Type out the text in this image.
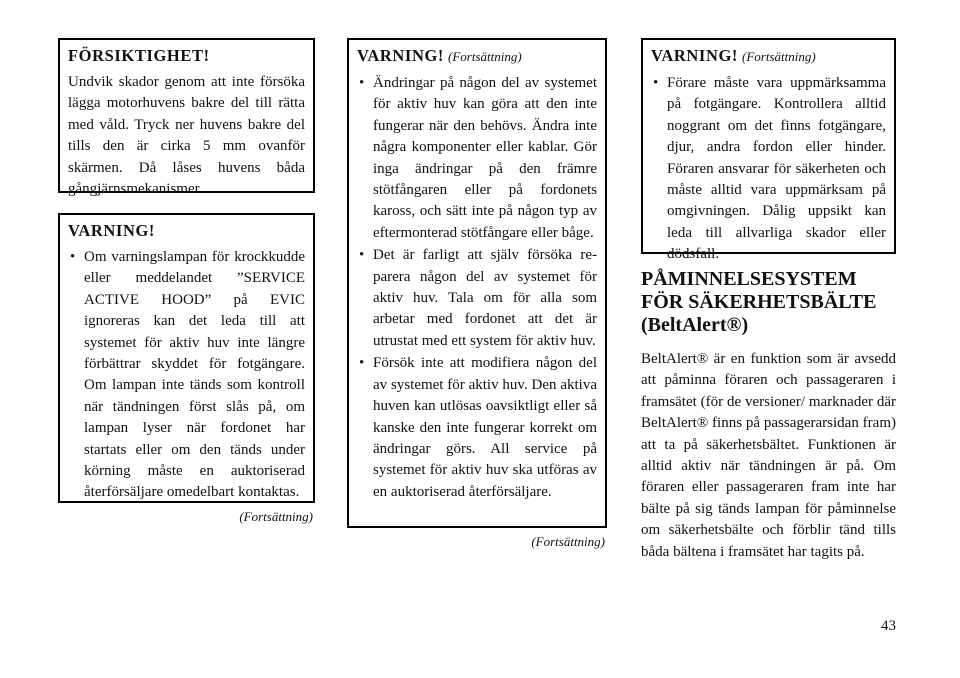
FÖRSIKTIGHET!

Undvik skador genom att inte försöka lägga motorhuvens bakre del till rätta med våld. Tryck ner huvens bakre del tills den är cirka 5 mm ovanför skärmen. Då låses huvens båda gångjärnsmekanismer.

VARNING!
• Om varningslampan för krockkudde eller meddelandet ”SERVICE ACTIVE HOOD” på EVIC ignoreras kan det leda till att systemet för aktiv huv inte längre förbättrar skyddet för fotgängare. Om lampan inte tänds som kontroll när tändningen först slås på, om lampan lyser när fordonet har startats eller om den tänds under körning måste en auktoriserad återförsäljare omedelbart kontaktas.
(Fortsättning)
VARNING! (Fortsättning)
• Ändringar på någon del av systemet för aktiv huv kan göra att den inte fungerar när den behövs. Ändra inte några komponenter eller kablar. Gör inga ändringar på den främre stötfångaren eller på fordonets kaross, och sätt inte på någon typ av eftermonterad stötfångare eller båge.
• Det är farligt att själv försöka reparera någon del av systemet för aktiv huv. Tala om för alla som arbetar med fordonet att det är utrustat med ett system för aktiv huv.
• Försök inte att modifiera någon del av systemet för aktiv huv. Den aktiva huven kan utlösas oavsiktligt eller så kanske den inte fungerar korrekt om ändringar görs. All service på systemet för aktiv huv ska utföras av en auktoriserad återförsäljare.
(Fortsättning)
VARNING! (Fortsättning)
• Förare måste vara uppmärksamma på fotgängare. Kontrollera alltid noggrant om det finns fotgängare, djur, andra fordon eller hinder. Föraren ansvarar för säkerheten och måste alltid vara uppmärksam på omgivningen. Dålig uppsikt kan leda till allvarliga skador eller dödsfall.
PÅMINNELSESYSTEM FÖR SÄKERHETSBÄLTE (BeltAlert®)

BeltAlert® är en funktion som är avsedd att påminna föraren och passageraren i framsätet (för de versioner/ marknader där BeltAlert® finns på passagerarsidan fram) att ta på säkerhetsbältet. Funktionen är alltid aktiv när tändningen är på. Om föraren eller passageraren fram inte har bälte på sig tänds lampan för påminnelse om säkerhetsbälte och förblir tänd tills båda bältena i framsätet har tagits på.

43
